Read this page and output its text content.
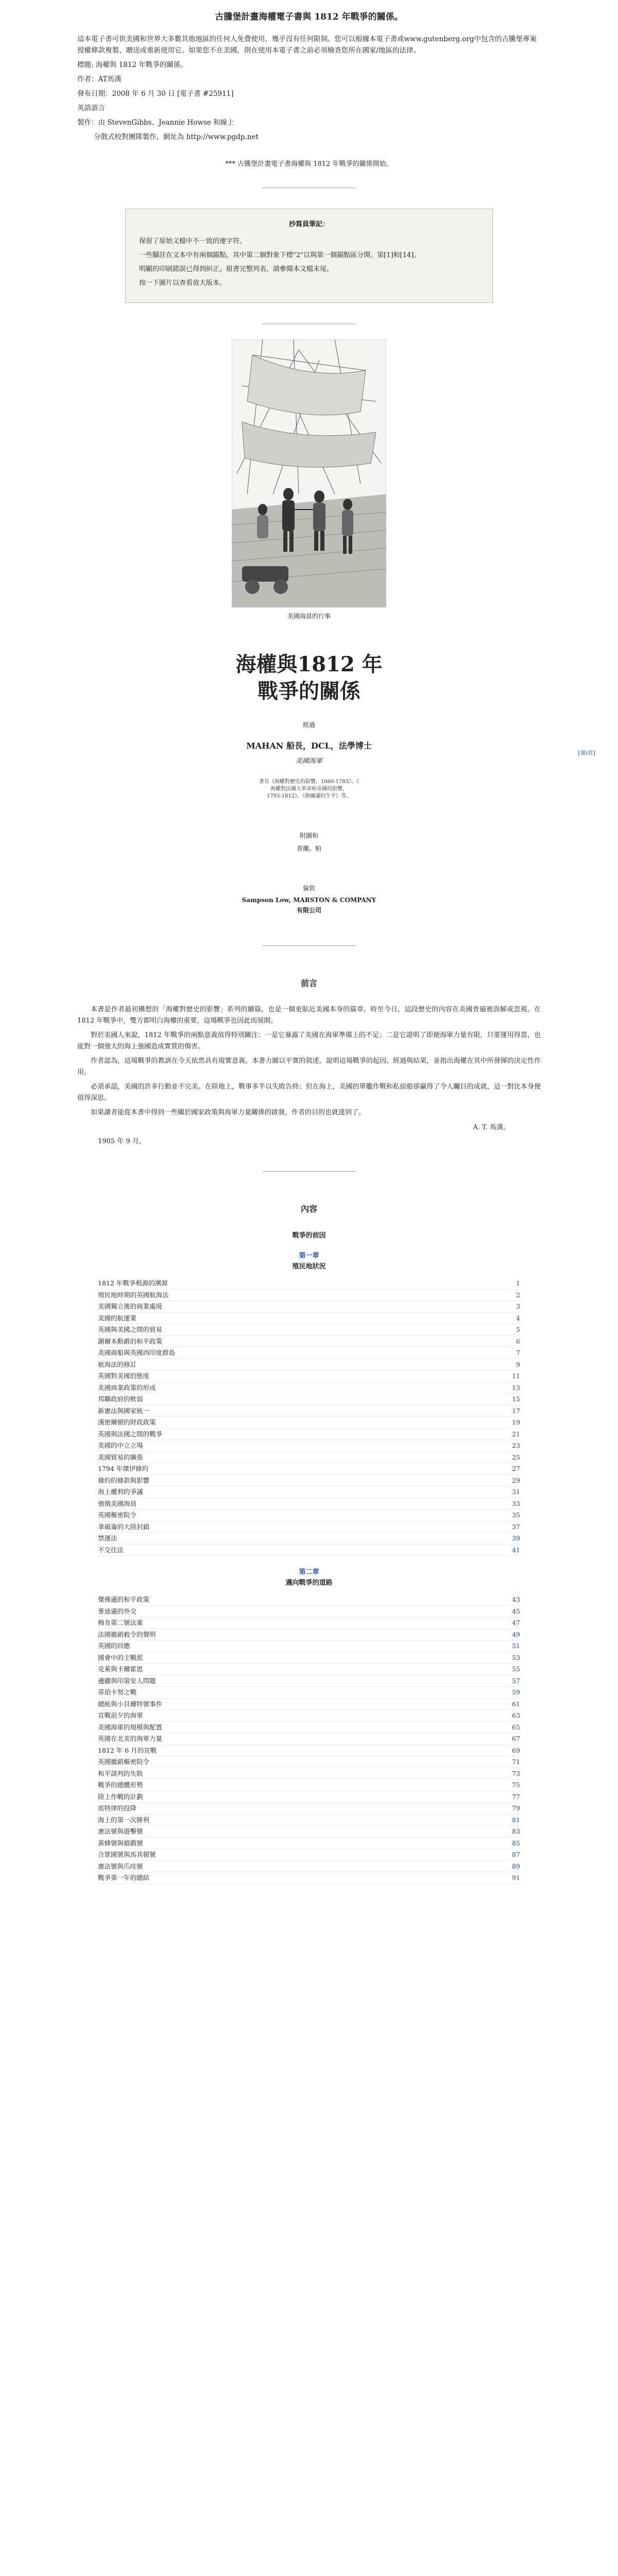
古騰堡計畫海權電子書與 1812 年戰爭的關係。

這本電子書可供美國和世界大多數其他地區的任何人免費使用，幾乎沒有任何限制。您可以根據本電子書或www.gutenberg.org中包含的古騰堡專案授權條款複製、贈送或重新使用它。如果您不在美國，則在使用本電子書之前必須檢查您所在國家/地區的法律。

標題: 海權與 1812 年戰爭的關係。

作者：AT馬漢

發布日期：2008 年 6 月 30 日 [電子書 #25911]

英語語言

製作：由 StevenGibbs、Jeannie Howse 和線上

分散式校對團隊製作，網址為 http://www.pgdp.net

*** 古騰堡計畫電子書海權與 1812 年戰爭的關係開始。
抄寫員筆記：

保留了原始文檔中不一致的連字符。

一些腳註在文本中有兩個錨點。其中第二個對象下標"2"以與第一個錨點區分開。第[1]和[14]。

明顯的印刷錯誤已得到糾正。組書完整列表，請參閱本文檔末尾。

按一下圖片以查看放大版本。

美國海員的行事
海權與1812 年
戰爭的關係
經過
MAHAN 船長，DCL，法學博士
美國海軍
著有《海權對歷史的影響，1660-1783》、《
海權對法國大革命和帝國的影響，
1793-1812》、《納爾遜的生平》等。
附圖和
普蘭。帕
倫敦
Sampson Low, MARSTON & COMPANY
有限公司
前言

本書是作者最初構想的「海權對歷史的影響」系列的續篇，也是一個更貼近美國本身的篇章。時至今日，這段歷史的內容在美國普遍被誤解或忽視。在 1812 年戰爭中，雙方都明白海權的重要，這場戰爭也因此而展開。

對於美國人來說，1812 年戰爭的兩點意義值得特別關注：一是它暴露了美國在海軍準備上的不足；二是它證明了即便海軍力量有限，只要運用得當，也能對一個強大的海上強國造成實質的傷害。

作者認為，這場戰爭的教訓在今天依然具有現實意義。本書力圖以平實的敘述，說明這場戰爭的起因、經過與結果，並指出海權在其中所發揮的決定性作用。

必須承認，美國的許多行動並不完美。在陸地上，戰事多半以失敗告終；但在海上，美國的單艦作戰和私掠船卻贏得了令人矚目的成就，這一對比本身便值得深思。

如果讀者能從本書中得到一些關於國家政策與海軍力量關係的啟發，作者的目的也就達到了。

A. T. 馬漢。
1905 年 9 月。
內容
戰爭的前因
第一章
殖民地狀況
1812 年戰爭根源的溯源	1
殖民地時期的英國航海法	2
美國獨立後的商業處境	3
美國的航運業	4
英國與美國之間的貿易	5
謝爾本勳爵的和平政策	6
美國商船與英國西印度群島	7
航海法的修訂	9
英國對美國的態度	11
美國商業政策的形成	13
邦聯政府的軟弱	15
新憲法與國家統一	17
漢密爾頓的財政政策	19
英國與法國之間的戰爭	21
美國的中立立場	23
美國貿易的擴張	25
1794 年傑伊條約	27
條約的條款與影響	29
海上權利的爭議	31
強徵美國海員	33
英國樞密院令	35
拿破崙的大陸封鎖	37
禁運法	39
不交往法	41
第二章
邁向戰爭的道路
傑佛遜的和平政策	43
麥迪遜的外交	45
梅肯第二號法案	47
法國撤銷敕令的聲明	49
英國的回應	51
國會中的主戰派	53
克萊與卡爾霍恩	55
邊疆與印第安人問題	57
蒂珀卡努之戰	59
總統與小貝爾特號事件	61
宣戰前夕的海軍	63
美國海軍的規模與配置	65
英國在北美的海軍力量	67
1812 年 6 月的宣戰	69
英國撤銷樞密院令	71
和平談判的失敗	73
戰爭的總體形勢	75
陸上作戰的計劃	77
底特律的投降	79
海上的第一次勝利	81
憲法號與遊擊號	83
黃蜂號與嬉戲號	85
合眾國號與馬其頓號	87
憲法號與爪哇號	89
戰爭第一年的總結	91
[第i頁]
